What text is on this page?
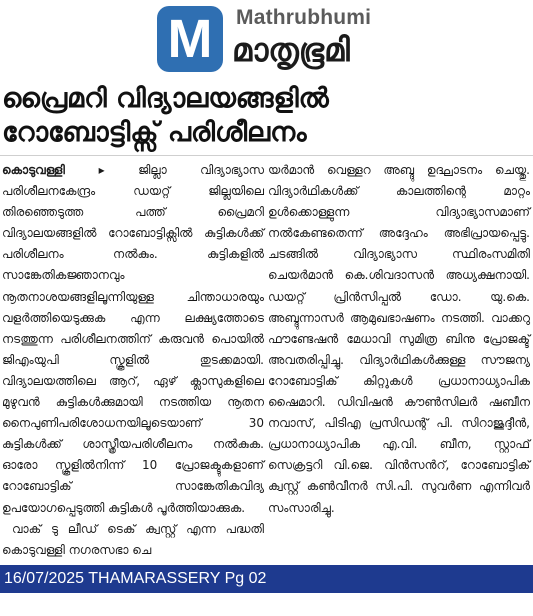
M	Mathrubhumi
മാതൃഭൂമി
പ്രൈമറി വിദ്യാലയങ്ങളിൽ
റോബോട്ടിക്സ് പരിശീലനം

കൊടുവള്ളി ▸	ജില്ലാ വിദ്യാഭ്യാസ പരിശീലനകേന്ദ്രം ഡയറ്റ് ജില്ലയിലെ തിരഞ്ഞെടുത്ത പത്ത് പ്രൈമറി വിദ്യാലയങ്ങളിൽ റോബോട്ടിക്സിൽ കുട്ടികൾക്ക് പരിശീലനം നൽകും. കുട്ടികളിൽ സാങ്കേതികജ്ഞാനവും നൂതനാശയങ്ങളിലൂന്നിയുള്ള ചിന്താധാരയും വളർത്തിയെടുക്കുക എന്ന ലക്ഷ്യത്തോടെ നടത്തുന്ന പരിശീലനത്തിന് കരുവൻ പൊയിൽ ജിഎംയുപി സ്കൂളിൽ തുടക്കമായി. വിദ്യാലയത്തിലെ ആറ്, ഏഴ് ക്ലാസുകളിലെ മുഴുവൻ കുട്ടികൾക്കുമായി നടത്തിയ നൂതന നൈപുണിപരിശോധനയിലൂടെയാണ് 30 കുട്ടികൾക്ക് ശാസ്ത്രീയപരിശീലനം നൽകുക. ഓരോ സ്കൂളിൽനിന്ന് 10 പ്രോജക്ടുകളാണ് റോബോട്ടിക് സാങ്കേതികവിദ്യ ഉപയോഗപ്പെടുത്തി കുട്ടികൾ പൂർത്തിയാക്കുക.

വാക് ടു ലീഡ് ടെക് ക്വസ്റ്റ് എന്ന പദ്ധതി കൊടുവള്ളി നഗരസഭാ ചെ

യർമാൻ വെള്ളറ അബ്ദു ഉദ്ഘാടനം ചെയ്തു. വിദ്യാർഥികൾക്ക് കാലത്തിന്റെ മാറ്റം ഉൾക്കൊള്ളുന്ന വിദ്യാഭ്യാസമാണ് നൽകേണ്ടതെന്ന് അദ്ദേഹം അഭിപ്രായപ്പെട്ടു. ചടങ്ങിൽ വിദ്യാഭ്യാസ സ്ഥിരംസമിതി ചെയർമാൻ കെ.ശിവദാസൻ അധ്യക്ഷനായി. ഡയറ്റ് പ്രിൻസിപ്പൽ ഡോ. യു.കെ. അബ്ദുന്നാസർ ആമുഖഭാഷണം നടത്തി. വാക്കറു ഫൗണ്ടേഷൻ മേധാവി സുമിത്ര ബിനു പ്രോജക്ട് അവതരിപ്പിച്ചു. വിദ്യാർഥികൾക്കുള്ള സൗജന്യ റോബോട്ടിക് കിറ്റുകൾ പ്രധാനാധ്യാപിക ഷൈമാറി. ഡിവിഷൻ കൗൺസിലർ ഷബീന നവാസ്, പിടിഎ പ്രസിഡന്റ് പി. സിറാജുദ്ദീൻ, പ്രധാനാധ്യാപിക എ.വി. ബീന, സ്റ്റാഫ് സെക്രട്ടറി വി.ജെ. വിൻസൻറ്, റോബോട്ടിക് ക്വസ്റ്റ് കൺവീനർ സി.പി. സുവർണ എന്നിവർ സംസാരിച്ചു.

16/07/2025 THAMARASSERY Pg 02
